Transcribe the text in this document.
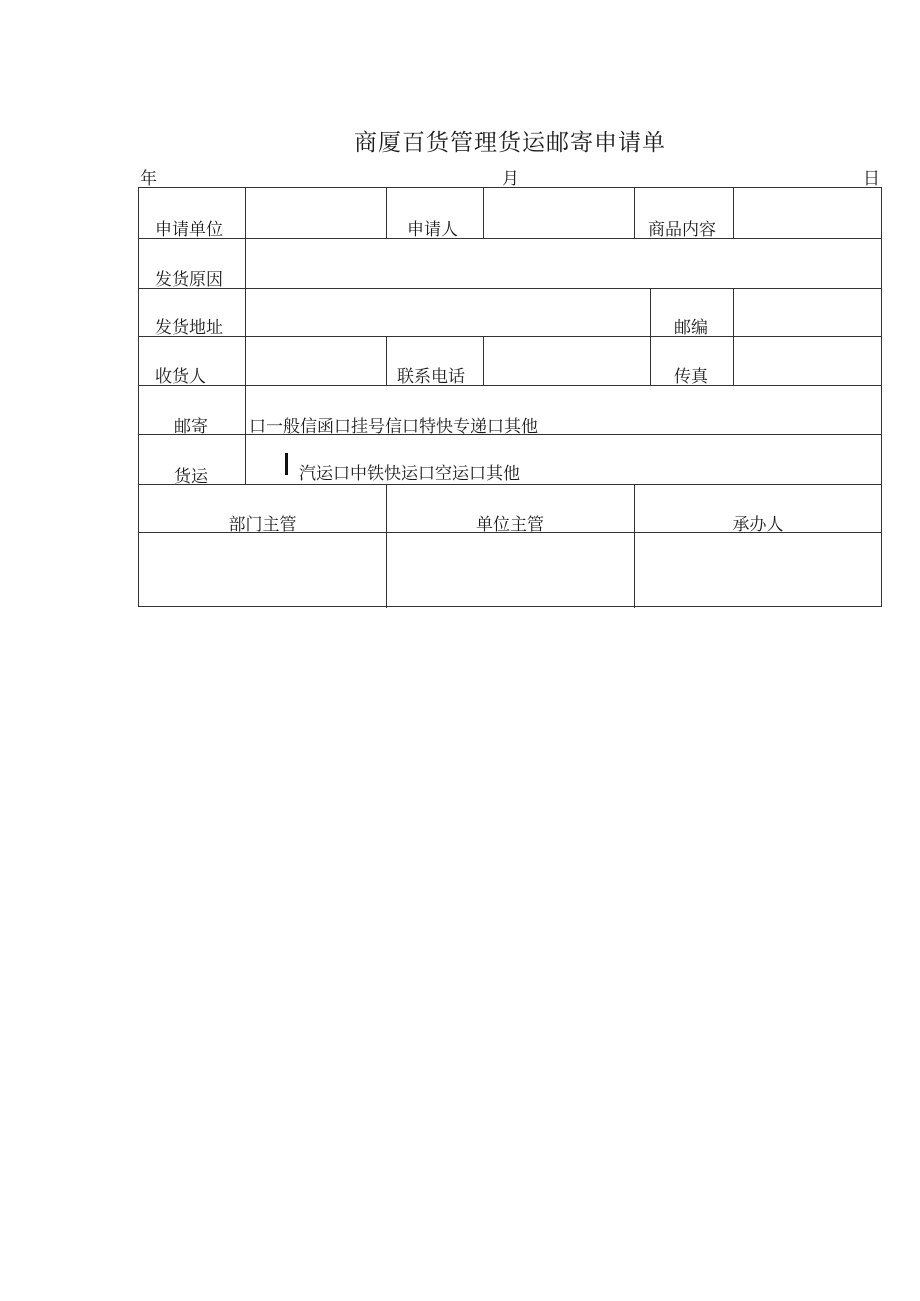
商厦百货管理货运邮寄申请单
年	月	日
申请单位	申请人	商品内容
发货原因
发货地址	邮编
收货人	联系电话	传真
邮寄 口一般信函口挂号信口特快专递口其他
货运	汽运口中铁快运口空运口其他
部门主管	单位主管	承办人
